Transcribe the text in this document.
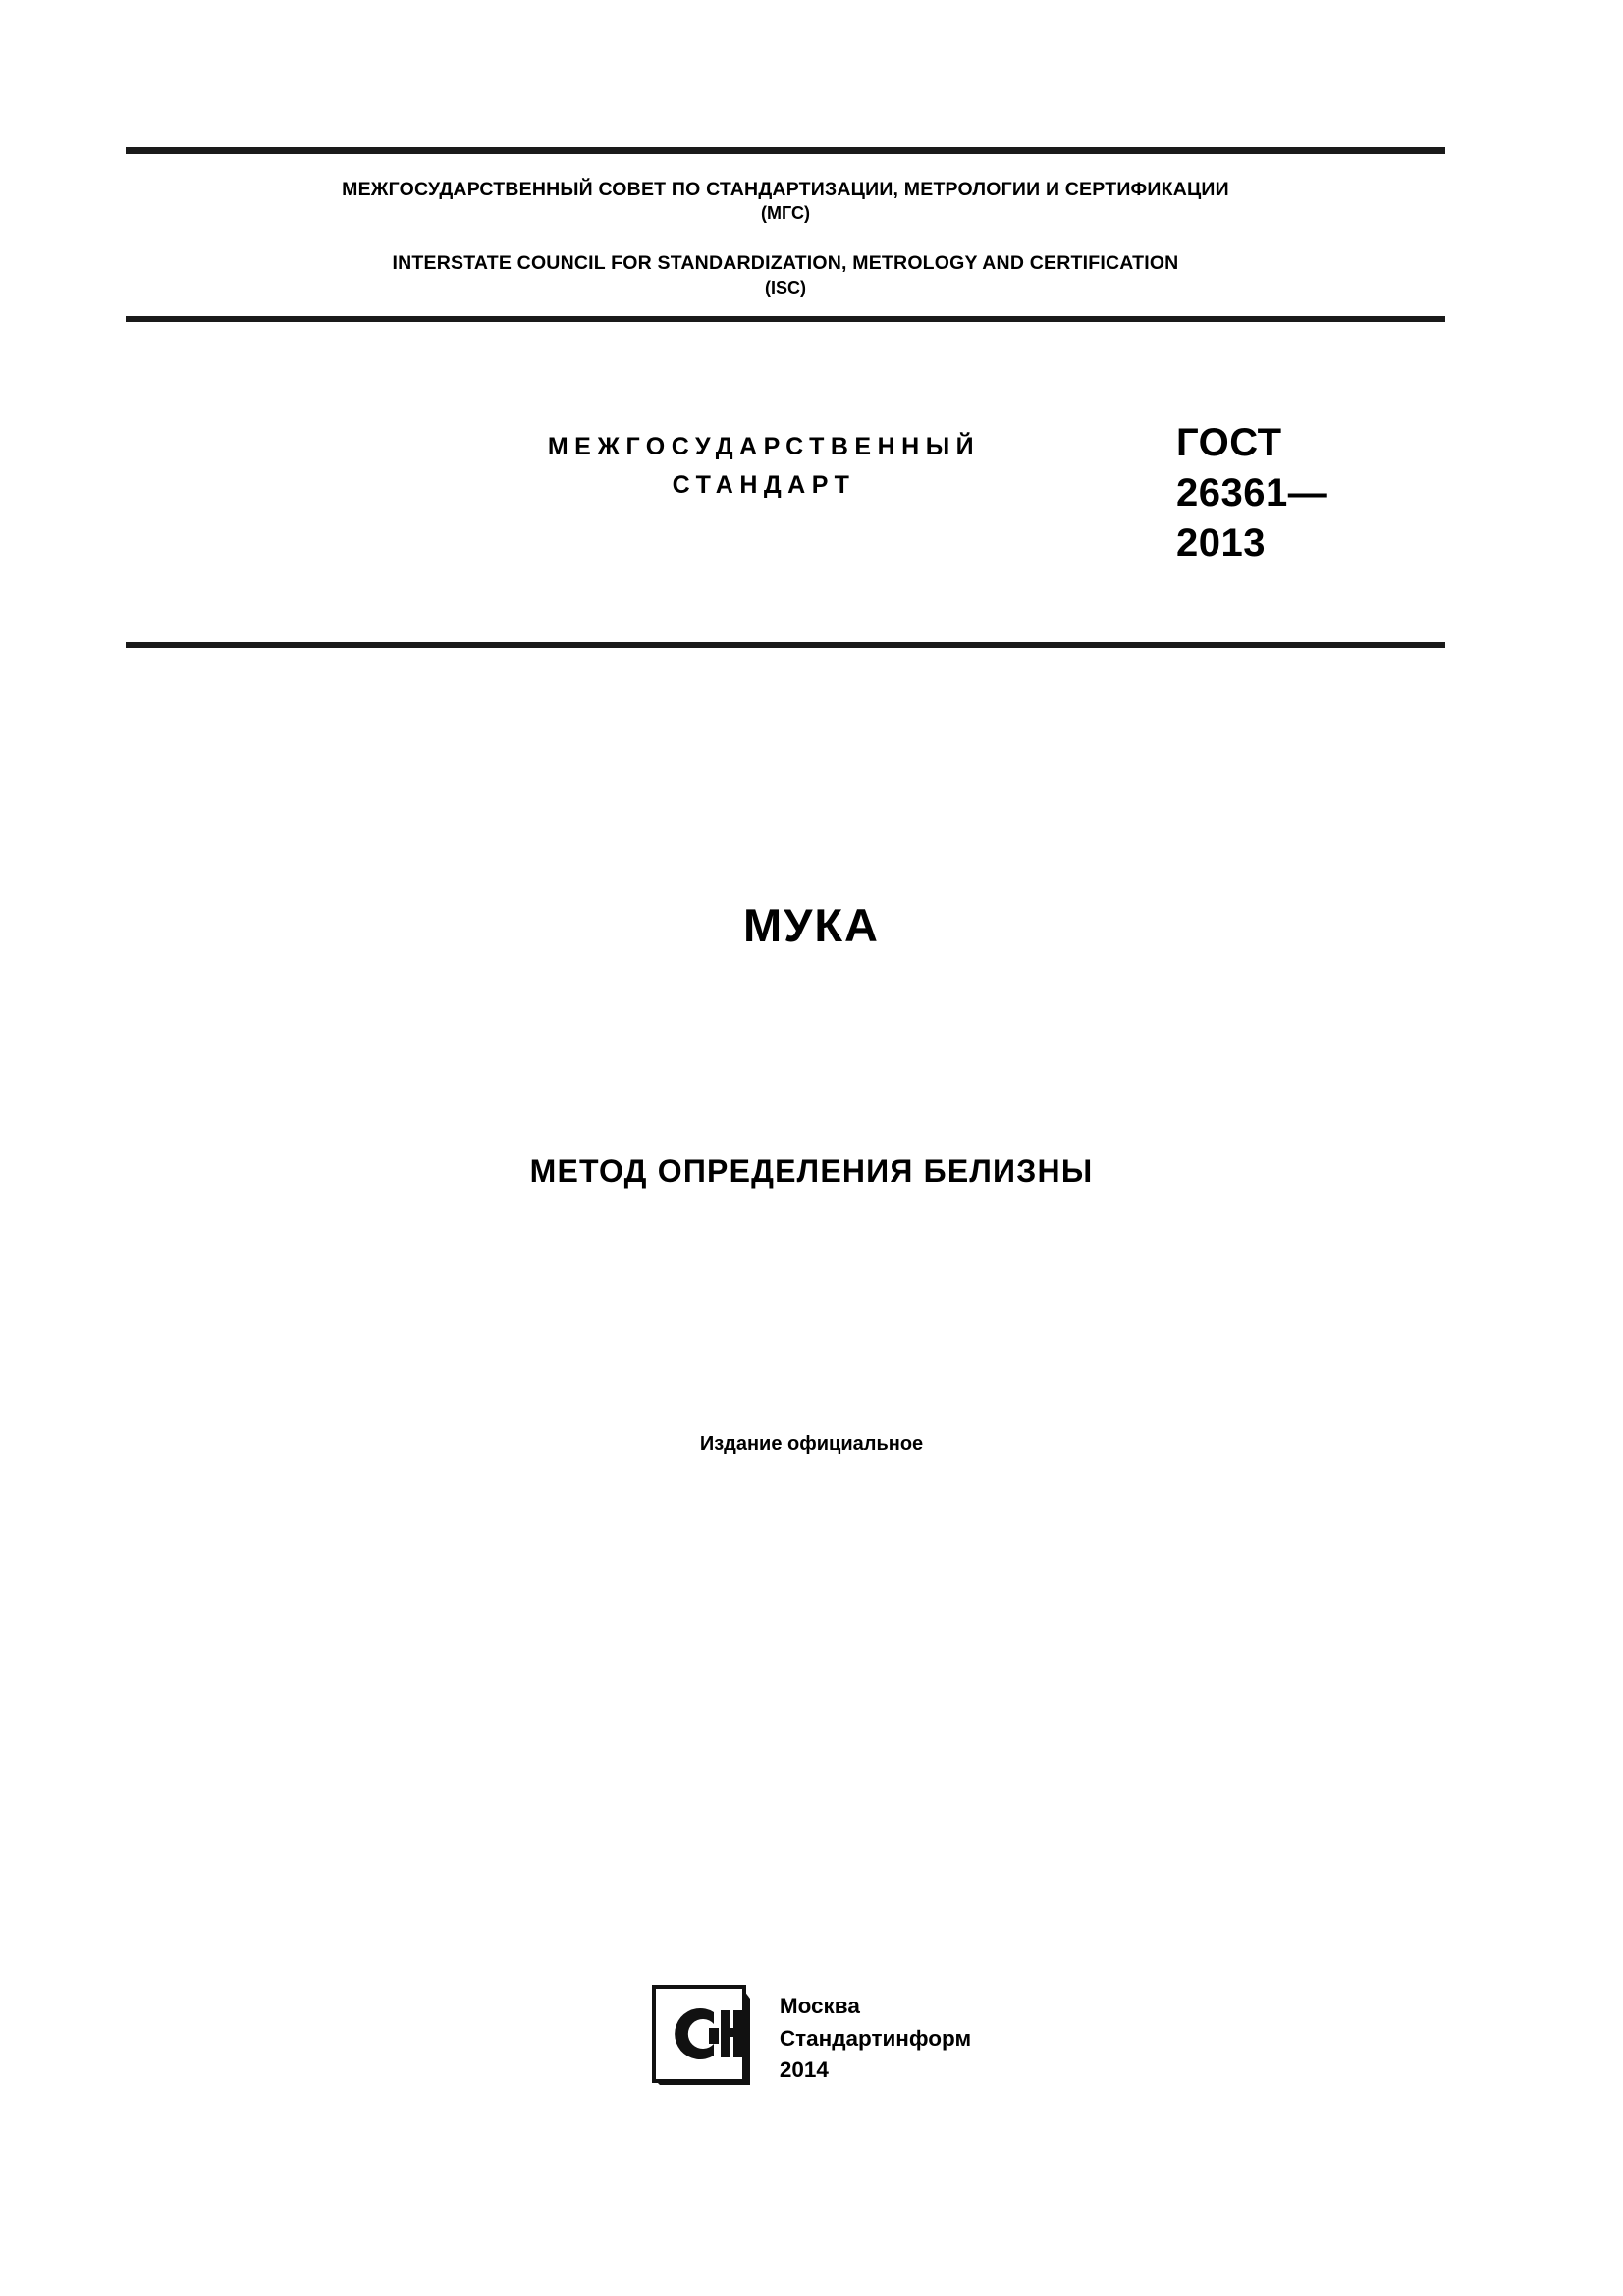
МЕЖГОСУДАРСТВЕННЫЙ СОВЕТ ПО СТАНДАРТИЗАЦИИ, МЕТРОЛОГИИ И СЕРТИФИКАЦИИ
(МГС)
INTERSTATE COUNCIL FOR STANDARDIZATION, METROLOGY AND CERTIFICATION
(ISC)
МЕЖГОСУДАРСТВЕННЫЙ
СТАНДАРТ
ГОСТ
26361—
2013
МУКА
МЕТОД ОПРЕДЕЛЕНИЯ БЕЛИЗНЫ
Издание официальное
Москва
Стандартинформ
2014
